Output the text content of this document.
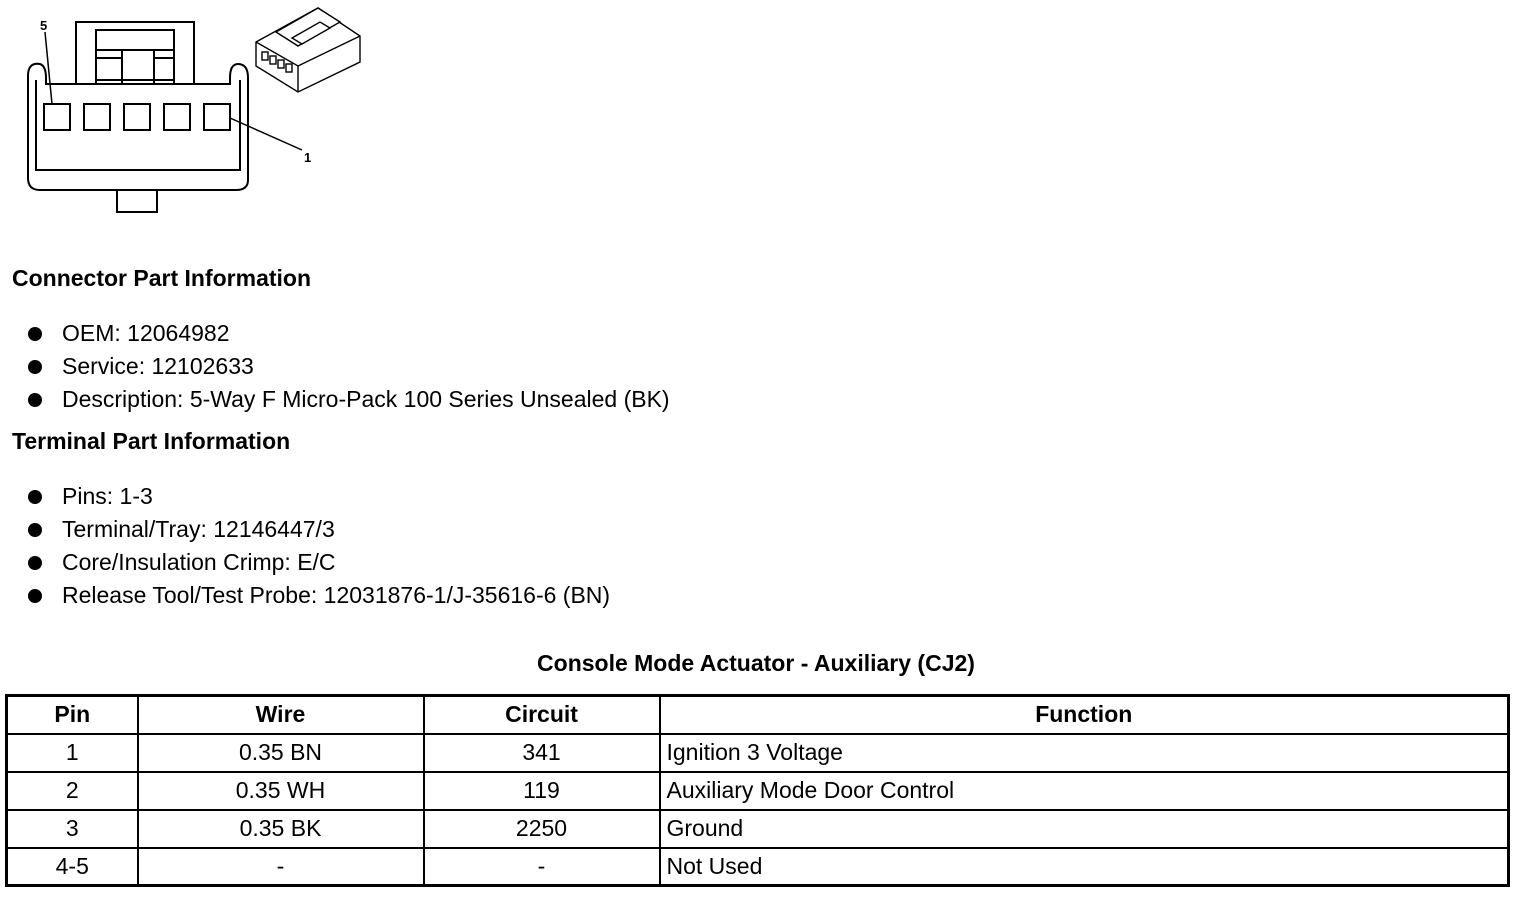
5
1
Connector Part Information
OEM: 12064982
Service: 12102633
Description: 5-Way F Micro-Pack 100 Series Unsealed (BK)
Terminal Part Information
Pins: 1-3
Terminal/Tray: 12146447/3
Core/Insulation Crimp: E/C
Release Tool/Test Probe: 12031876-1/J-35616-6 (BN)
Console Mode Actuator - Auxiliary (CJ2)
Pin	Wire	Circuit	Function
1	0.35 BN	341	Ignition 3 Voltage
2	0.35 WH	119	Auxiliary Mode Door Control
3	0.35 BK	2250	Ground
4-5	-	-	Not Used
